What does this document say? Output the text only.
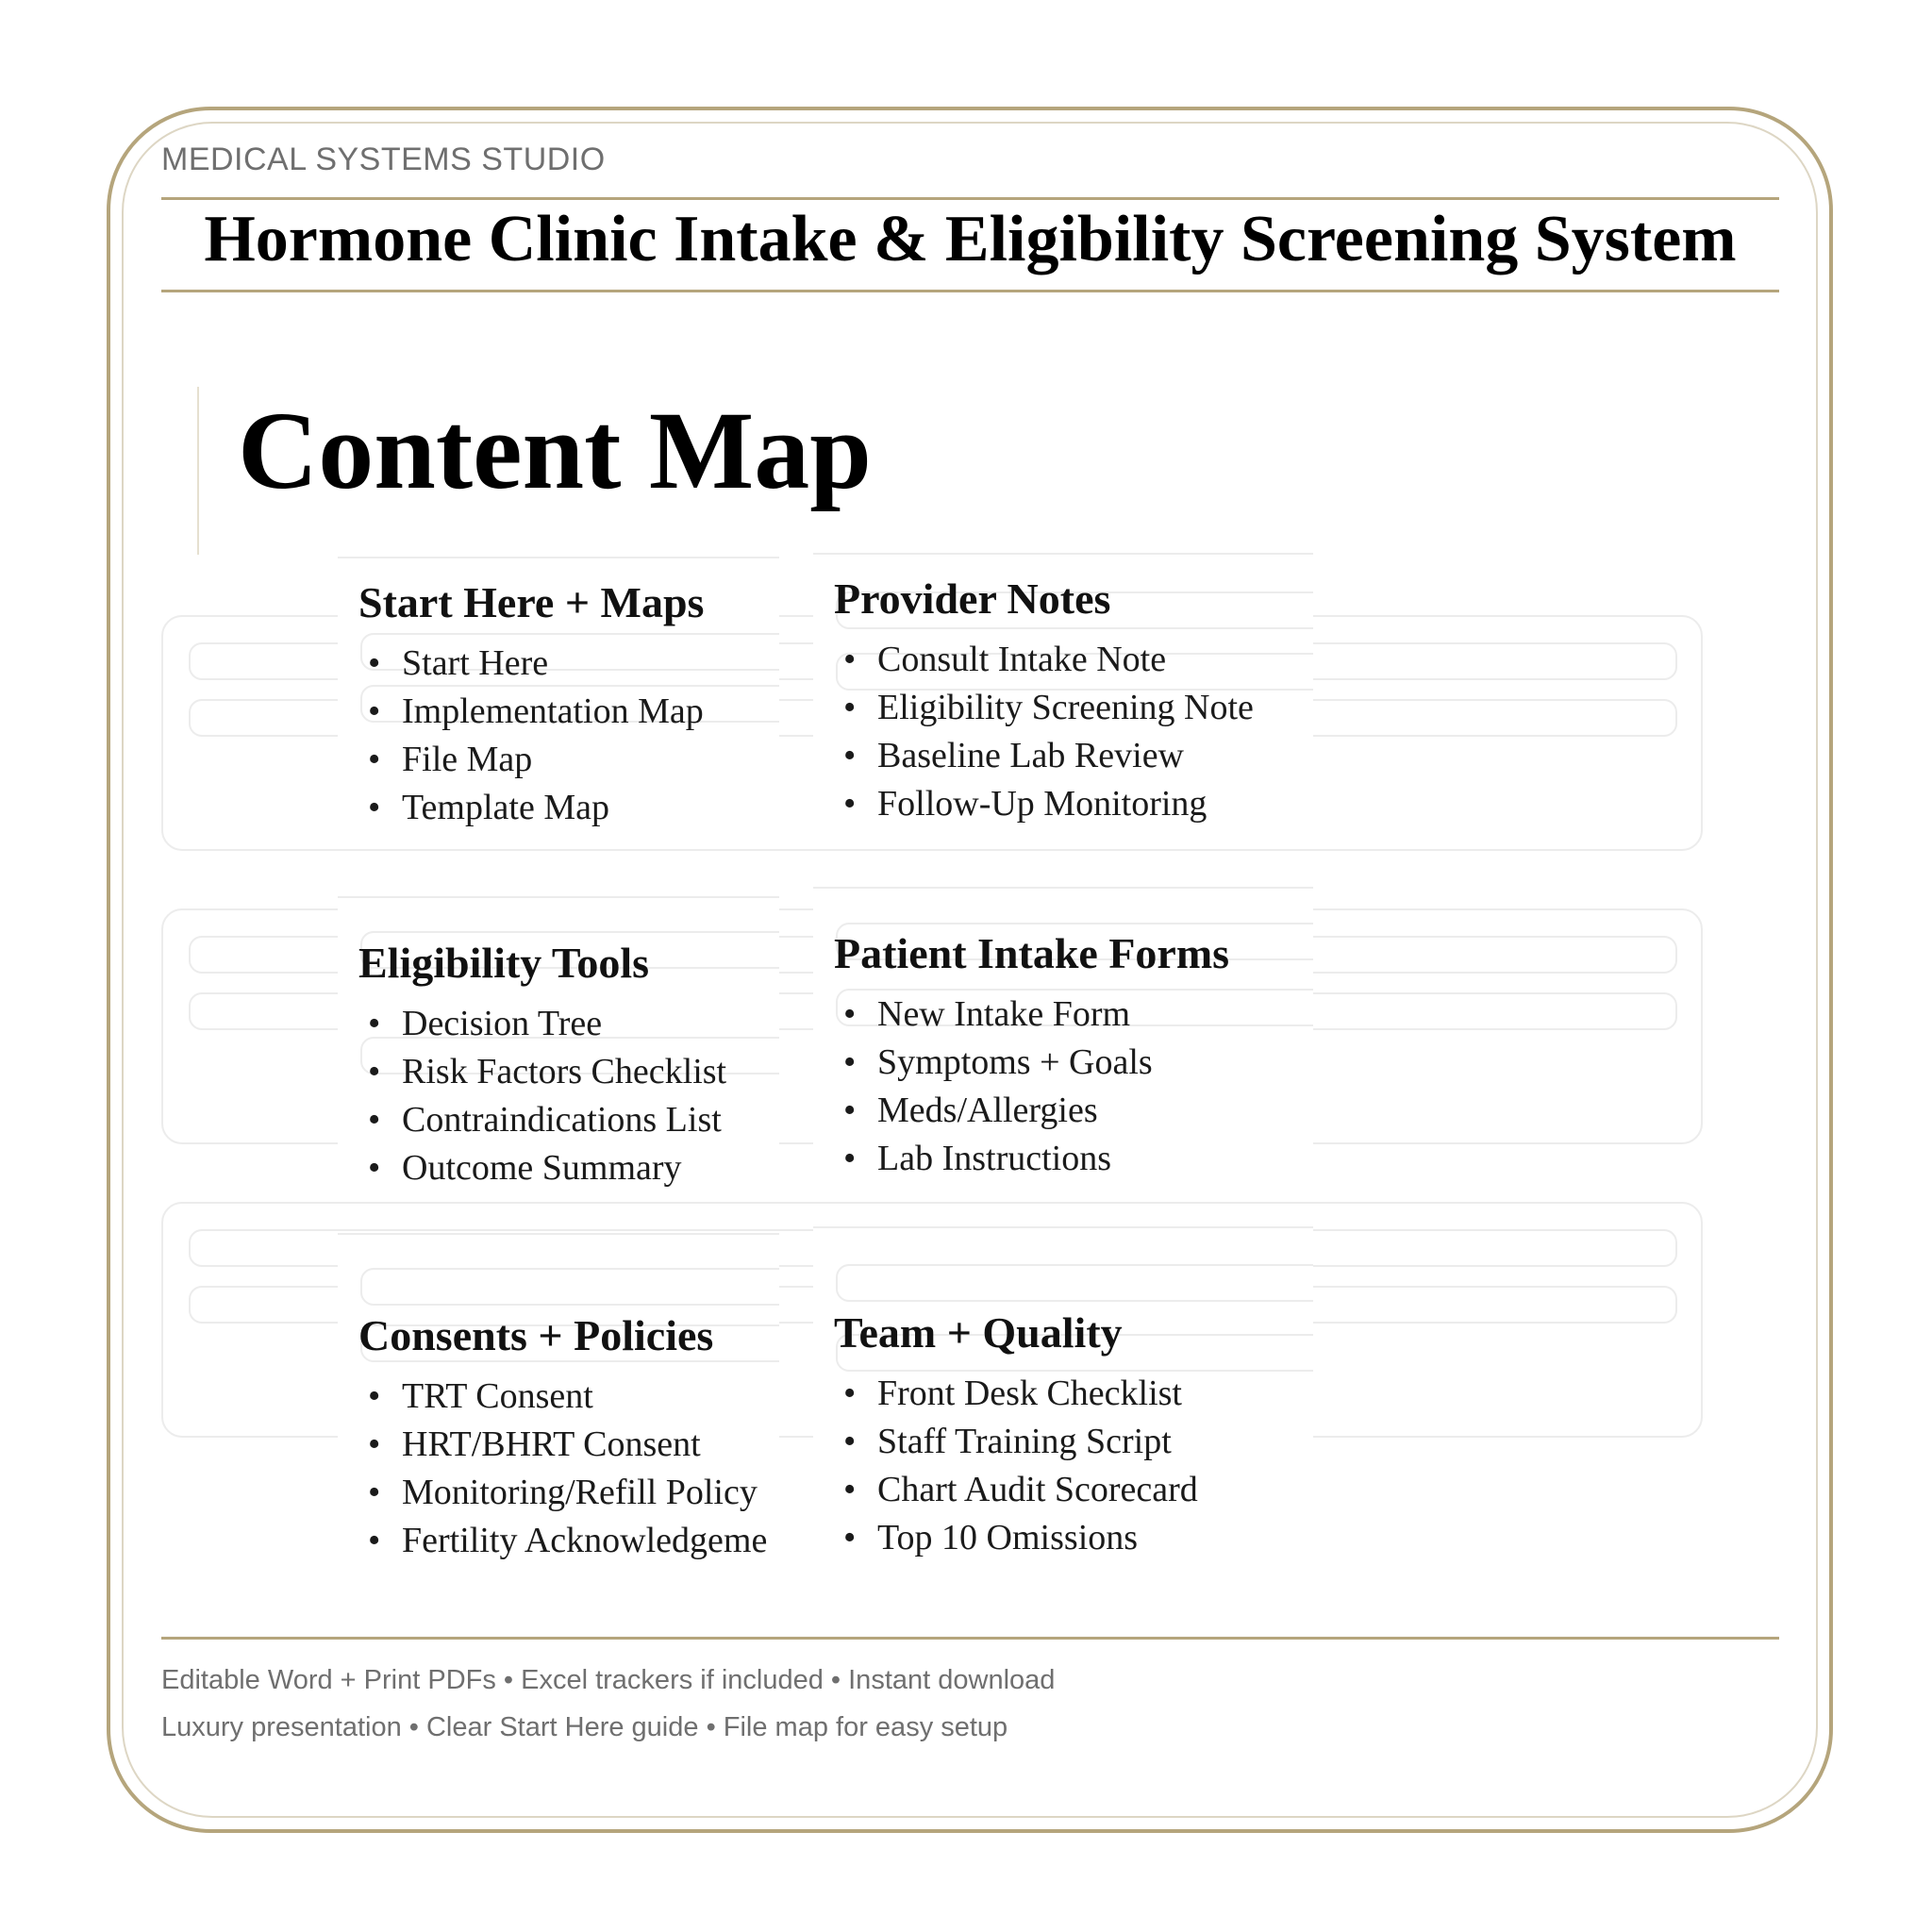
MEDICAL SYSTEMS STUDIO
Hormone Clinic Intake & Eligibility Screening System
Content Map
Start Here + Maps
• Start Here
• Implementation Map
• File Map
• Template Map
Provider Notes
• Consult Intake Note
• Eligibility Screening Note
• Baseline Lab Review
• Follow-Up Monitoring
Eligibility Tools
• Decision Tree
• Risk Factors Checklist
• Contraindications List
• Outcome Summary
Patient Intake Forms
• New Intake Form
• Symptoms + Goals
• Meds/Allergies
• Lab Instructions
Consents + Policies
• TRT Consent
• HRT/BHRT Consent
• Monitoring/Refill Policy
• Fertility Acknowledgeme
Team + Quality
• Front Desk Checklist
• Staff Training Script
• Chart Audit Scorecard
• Top 10 Omissions
Editable Word + Print PDFs • Excel trackers if included • Instant download
Luxury presentation • Clear Start Here guide • File map for easy setup
